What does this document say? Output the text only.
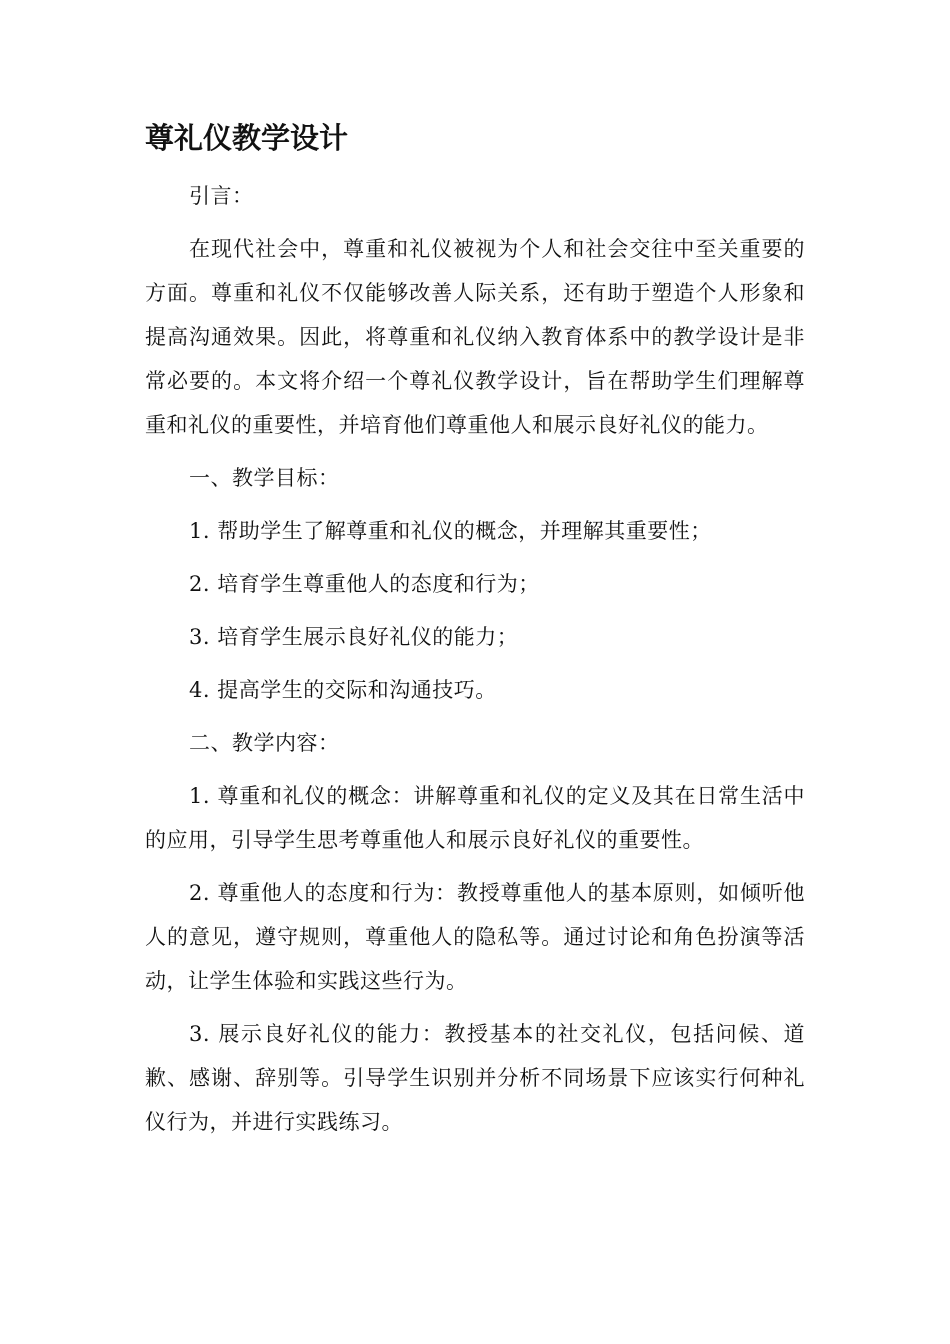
尊礼仪教学设计

引言：

在现代社会中，尊重和礼仪被视为个人和社会交往中至关重要的方面。尊重和礼仪不仅能够改善人际关系，还有助于塑造个人形象和提高沟通效果。因此，将尊重和礼仪纳入教育体系中的教学设计是非常必要的。本文将介绍一个尊礼仪教学设计，旨在帮助学生们理解尊重和礼仪的重要性，并培育他们尊重他人和展示良好礼仪的能力。

一、教学目标：

1. 帮助学生了解尊重和礼仪的概念，并理解其重要性；

2. 培育学生尊重他人的态度和行为；

3. 培育学生展示良好礼仪的能力；

4. 提高学生的交际和沟通技巧。

二、教学内容：

1. 尊重和礼仪的概念：讲解尊重和礼仪的定义及其在日常生活中的应用，引导学生思考尊重他人和展示良好礼仪的重要性。

2. 尊重他人的态度和行为：教授尊重他人的基本原则，如倾听他人的意见，遵守规则，尊重他人的隐私等。通过讨论和角色扮演等活动，让学生体验和实践这些行为。

3. 展示良好礼仪的能力：教授基本的社交礼仪，包括问候、道歉、感谢、辞别等。引导学生识别并分析不同场景下应该实行何种礼仪行为，并进行实践练习。
